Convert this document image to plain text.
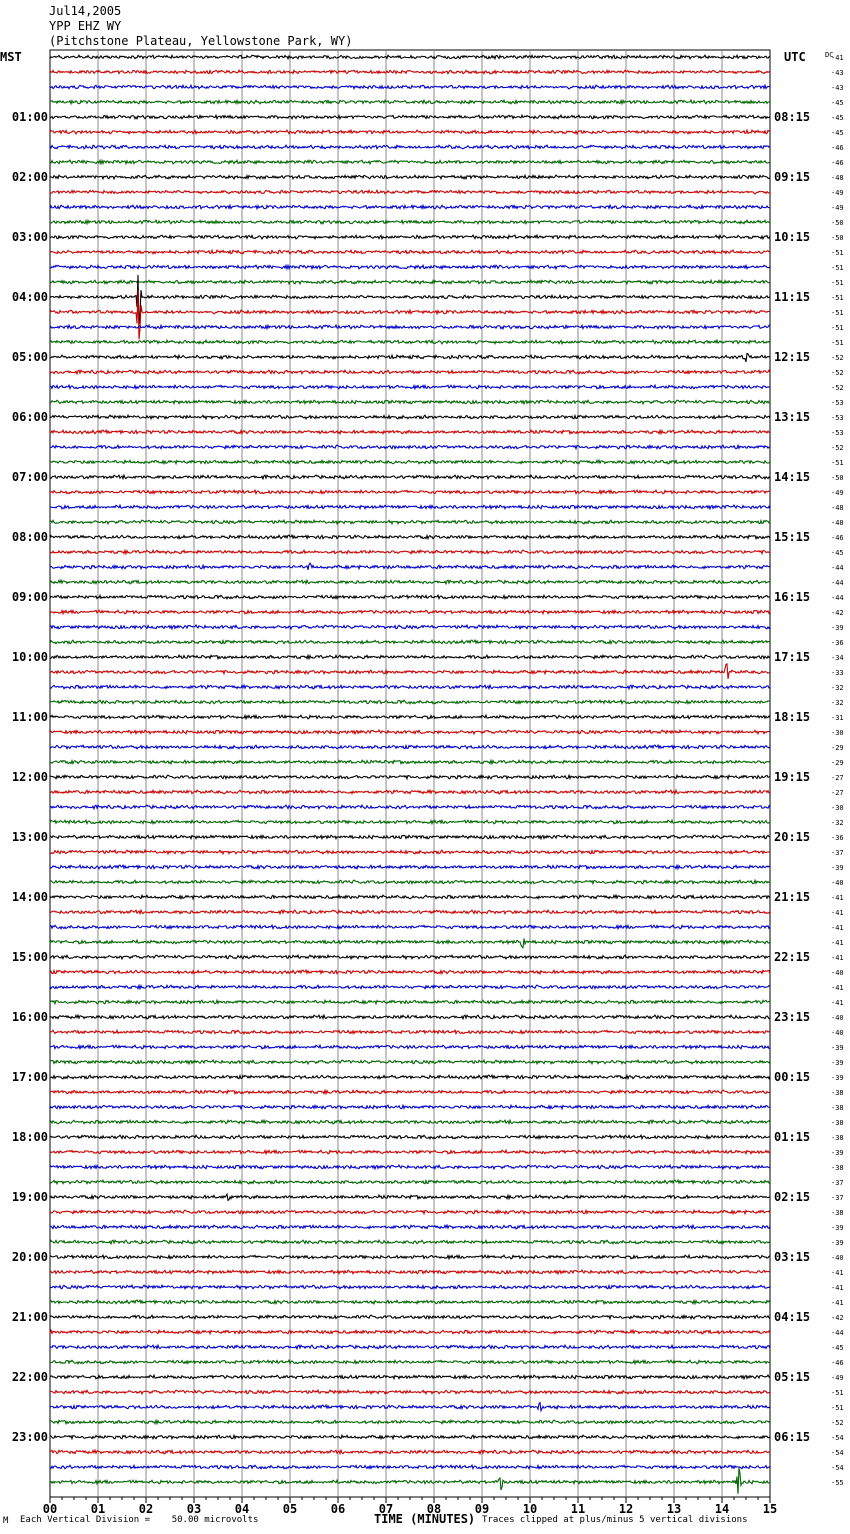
Jul14,2005
YPP EHZ WY
(Pitchstone Plateau, Yellowstone Park, WY)
00	01	02	03	04	05	06	07	08	09	10	11	12	13	14	15
MST	UTC	DC
01:00	08:15
02:00	09:15
03:00	10:15
04:00	11:15
05:00	12:15
06:00	13:15
07:00	14:15
08:00	15:15
09:00	16:15
10:00	17:15
11:00	18:15
12:00	19:15
13:00	20:15
14:00	21:15
15:00	22:15
16:00	23:15
17:00	00:15
18:00	01:15
19:00	02:15
20:00	03:15
21:00	04:15
22:00	05:15
23:00	06:15
-41
-43
-43
-45
-45
-45
-46
-46
-48
-49
-49
-50
-50
-51
-51
-51
-51
-51
-51
-51
-52
-52
-52
-53
-53
-53
-52
-51
-50
-49
-48
-48
-46
-45
-44
-44
-44
-42
-39
-36
-34
-33
-32
-32
-31
-30
-29
-29
-27
-27
-30
-32
-36
-37
-39
-40
-41
-41
-41
-41
-41
-40
-41
-41
-40
-40
-39
-39
-39
-38
-38
-38
-38
-39
-38
-37
-37
-38
-39
-39
-40
-41
-41
-41
-42
-44
-45
-46
-49
-51
-51
-52
-54
-54
-54
-55
M Each Vertical Division =    50.00 microvolts	TIME (MINUTES) Traces clipped at plus/minus 5 vertical divisions
